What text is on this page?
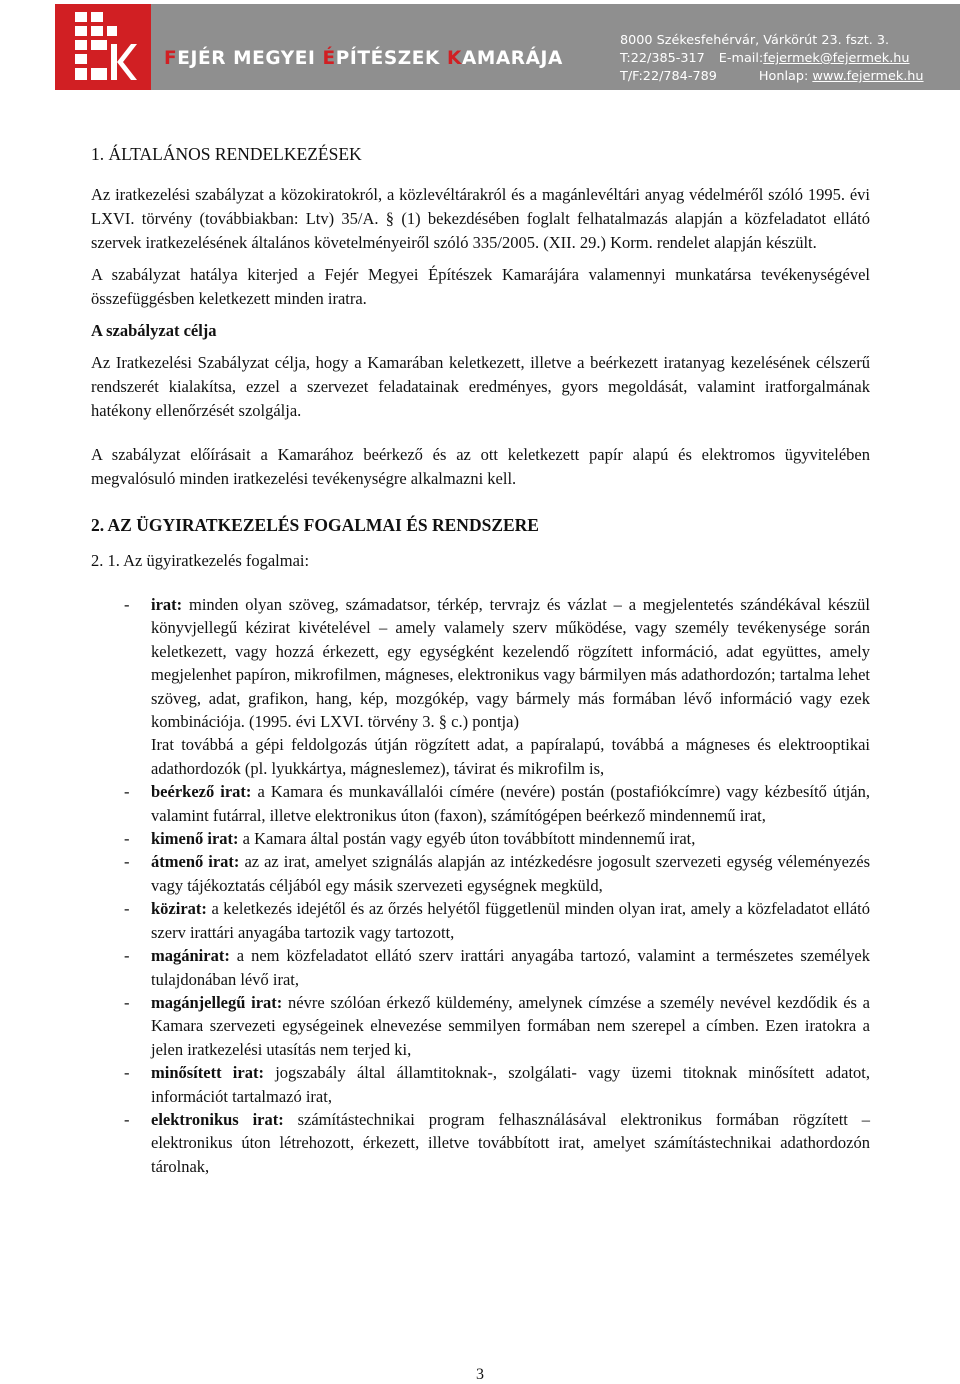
FEJÉR MEGYEI ÉPÍTÉSZEK KAMARÁJA
8000 Székesfehérvár, Várkörút 23. fszt. 3.
T:22/385-317 E-mail:fejermek@fejermek.hu
T/F:22/784-789	Honlap: www.fejermek.hu
1. ÁLTALÁNOS RENDELKEZÉSEK

Az iratkezelési szabályzat a közokiratokról, a közlevéltárakról és a magánlevéltári anyag védelméről szóló 1995. évi LXVI. törvény (továbbiakban: Ltv) 35/A. § (1) bekezdésében foglalt felhatalmazás alapján a közfeladatot ellátó szervek iratkezelésének általános követelményeiről szóló 335/2005. (XII. 29.) Korm. rendelet alapján készült.

A szabályzat hatálya kiterjed a Fejér Megyei Építészek Kamarájára valamennyi munkatársa tevékenységével összefüggésben keletkezett minden iratra.

A szabályzat célja

Az Iratkezelési Szabályzat célja, hogy a Kamarában keletkezett, illetve a beérkezett iratanyag kezelésének célszerű rendszerét kialakítsa, ezzel a szervezet feladatainak eredményes, gyors megoldását, valamint iratforgalmának hatékony ellenőrzését szolgálja.

A szabályzat előírásait a Kamarához beérkező és az ott keletkezett papír alapú és elektromos ügyvitelében megvalósuló minden iratkezelési tevékenységre alkalmazni kell.

2. AZ ÜGYIRATKEZELÉS FOGALMAI ÉS RENDSZERE
2. 1. Az ügyiratkezelés fogalmai:
- irat: minden olyan szöveg, számadatsor, térkép, tervrajz és vázlat – a megjelentetés szándékával készül könyvjellegű kézirat kivételével – amely valamely szerv működése, vagy személy tevékenysége során keletkezett, vagy hozzá érkezett, egy egységként kezelendő rögzített információ, adat együttes, amely megjelenhet papíron, mikrofilmen, mágneses, elektronikus vagy bármilyen más adathordozón; tartalma lehet szöveg, adat, grafikon, hang, kép, mozgókép, vagy bármely más formában lévő információ vagy ezek kombinációja. (1995. évi LXVI. törvény 3. § c.) pontja)
Irat továbbá a gépi feldolgozás útján rögzített adat, a papíralapú, továbbá a mágneses és elektrooptikai adathordozók (pl. lyukkártya, mágneslemez), távirat és mikrofilm is,
- beérkező irat: a Kamara és munkavállalói címére (nevére) postán (postafiókcímre) vagy kézbesítő útján, valamint futárral, illetve elektronikus úton (faxon), számítógépen beérkező mindennemű irat,
- kimenő irat: a Kamara által postán vagy egyéb úton továbbított mindennemű irat,
- átmenő irat: az az irat, amelyet szignálás alapján az intézkedésre jogosult szervezeti egység véleményezés vagy tájékoztatás céljából egy másik szervezeti egységnek megküld,
- közirat: a keletkezés idejétől és az őrzés helyétől függetlenül minden olyan irat, amely a közfeladatot ellátó szerv irattári anyagába tartozik vagy tartozott,
- magánirat: a nem közfeladatot ellátó szerv irattári anyagába tartozó, valamint a természetes személyek tulajdonában lévő irat,
- magánjellegű irat: névre szólóan érkező küldemény, amelynek címzése a személy nevével kezdődik és a Kamara szervezeti egységeinek elnevezése semmilyen formában nem szerepel a címben. Ezen iratokra a jelen iratkezelési utasítás nem terjed ki,
- minősített irat: jogszabály által államtitoknak-, szolgálati- vagy üzemi titoknak minősített adatot, információt tartalmazó irat,
- elektronikus irat: számítástechnikai program felhasználásával elektronikus formában rögzített – elektronikus úton létrehozott, érkezett, illetve továbbított irat, amelyet számítástechnikai adathordozón tárolnak,
3
